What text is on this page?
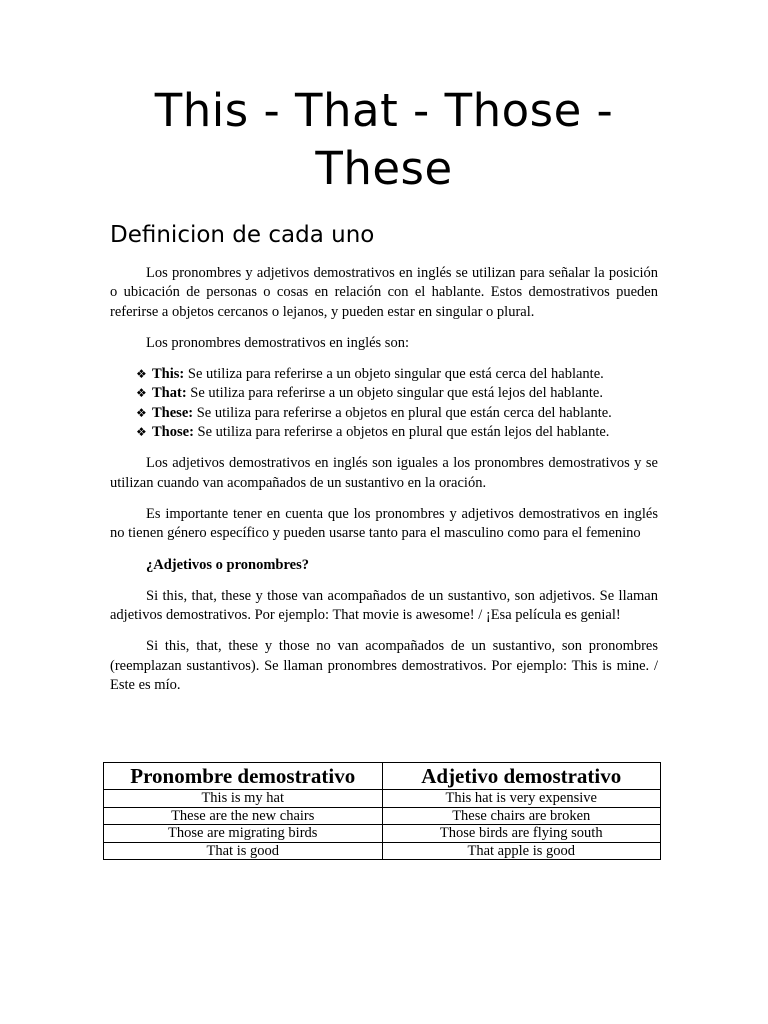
This - That - Those - These
Definicion de cada uno

Los pronombres y adjetivos demostrativos en inglés se utilizan para señalar la posición o ubicación de personas o cosas en relación con el hablante. Estos demostrativos pueden referirse a objetos cercanos o lejanos, y pueden estar en singular o plural.

Los pronombres demostrativos en inglés son:

❖ This: Se utiliza para referirse a un objeto singular que está cerca del hablante.
❖ That: Se utiliza para referirse a un objeto singular que está lejos del hablante.
❖ These: Se utiliza para referirse a objetos en plural que están cerca del hablante.
❖ Those: Se utiliza para referirse a objetos en plural que están lejos del hablante.

Los adjetivos demostrativos en inglés son iguales a los pronombres demostrativos y se utilizan cuando van acompañados de un sustantivo en la oración.

Es importante tener en cuenta que los pronombres y adjetivos demostrativos en inglés no tienen género específico y pueden usarse tanto para el masculino como para el femenino

¿Adjetivos o pronombres?

Si this, that, these y those van acompañados de un sustantivo, son adjetivos. Se llaman adjetivos demostrativos. Por ejemplo: That movie is awesome! / ¡Esa película es genial!

Si this, that, these y those no van acompañados de un sustantivo, son pronombres (reemplazan sustantivos). Se llaman pronombres demostrativos. Por ejemplo: This is mine. / Este es mío.

Pronombre demostrativo	Adjetivo demostrativo
This is my hat	This hat is very expensive
These are the new chairs	These chairs are broken
Those are migrating birds	Those birds are flying south
That is good	That apple is good
